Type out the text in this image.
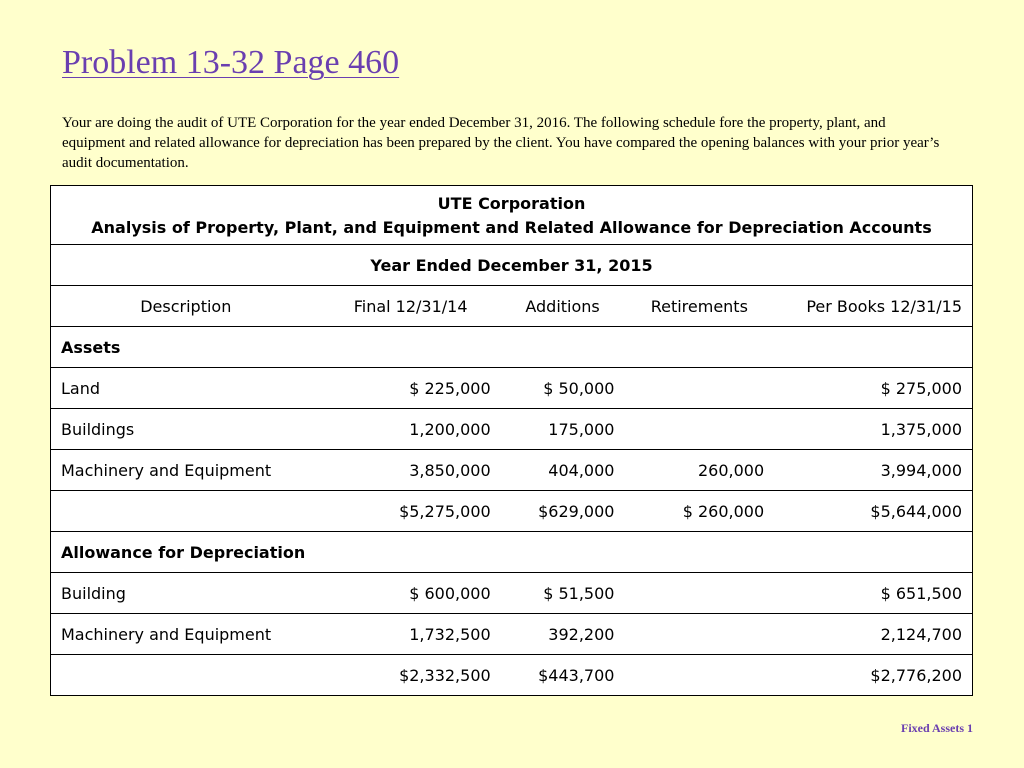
Problem 13-32 Page 460
Your are doing the audit of UTE Corporation for the year ended December 31, 2016. The following schedule fore the property, plant, and equipment and related allowance for depreciation has been prepared by the client. You have compared the opening balances with your prior year’s audit documentation.
UTE Corporation
Analysis of Property, Plant, and Equipment and Related Allowance for Depreciation Accounts				

Year Ended December 31, 2015				
Description	Final 12/31/14	Additions	Retirements	Per Books 12/31/15
Assets				
Land	$ 225,000	$ 50,000		$ 275,000
Buildings	1,200,000	175,000		1,375,000
Machinery and Equipment	3,850,000	404,000	260,000	3,994,000
	$5,275,000	$629,000	$ 260,000	$5,644,000
Allowance for Depreciation				
Building	$ 600,000	$ 51,500		$ 651,500
Machinery and Equipment	1,732,500	392,200		2,124,700
	$2,332,500	$443,700		$2,776,200
Fixed Assets 1
